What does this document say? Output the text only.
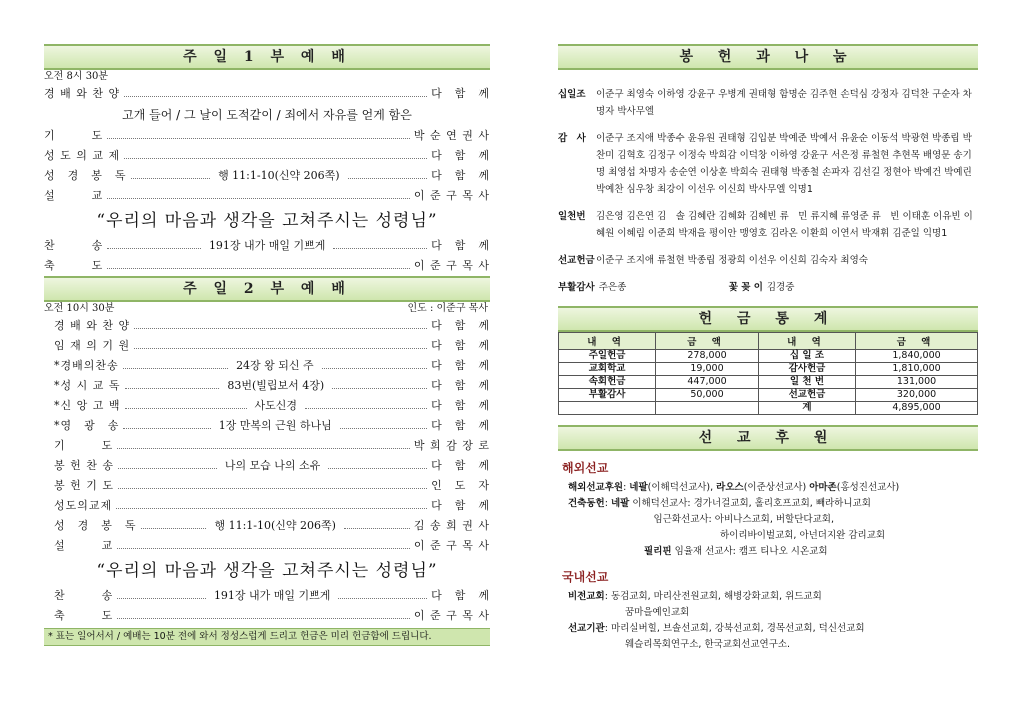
주 일 1 부 예 배
오전 8시 30분
경 배 와 찬 양	다　함　께
고개 들어 / 그 날이 도적같이 / 죄에서 자유를 얻게 함은
기　　　도	박 순 연 권 사
성 도 의 교 제	다　함　께
성　경　봉　독	행 11:1-10(신약 206쪽)	다　함　께
설　　　교	이 준 구 목 사
“우리의 마음과 생각을 고쳐주시는 성령님”
찬　　　송	191장 내가 매일 기쁘게	다　함　께
축　　　도	이 준 구 목 사
주 일 2 부 예 배
오전 10시 30분	인도 : 이준구 목사
경 배 와 찬 양	다　함　께
임 재 의 기 원	다　함　께
*경배의찬송	24장 왕 되신 주	다　함　께
*성 시 교 독	83번(빌립보서 4장)	다　함　께
*신 앙 고 백	사도신경	다　함　께
*영　광　송	1장 만복의 근원 하나님	다　함　께
기　　　도	박 희 감 장 로
봉 헌 찬 송	나의 모습 나의 소유	다　함　께
봉 헌 기 도	인　도　자
성도의교제	다　함　께
성　경　봉　독	행 11:1-10(신약 206쪽)	김 송 희 권 사
설　　　교	이 준 구 목 사
“우리의 마음과 생각을 고쳐주시는 성령님”
찬　　　송	191장 내가 매일 기쁘게	다　함　께
축　　　도	이 준 구 목 사
* 표는 일어서서 / 예배는 10분 전에 와서 정성스럽게 드리고 헌금은 미리 헌금함에 드립니다.
봉 헌 과 나 눔
십일조	이준구 최영숙 이하영 강윤구 우병계 권태형 함명순 김주현 손덕심 강정자 김덕찬 구순자 차명자 박사무엘
감　사	이준구 조지애 박종수 윤유원 권태형 김입분 박예준 박예서 유윤순 이동석 박광현 박종립 박찬미 김혁호 김정구 이정숙 박희감 이덕창 이하영 강윤구 서은정 류철현 추현목 배영문 송기명 최영섭 차명자 송순연 이상훈 박희숙 권태형 박종철 손파자 김선길 정현아 박예건 박예린 박예찬 심우창 최강이 이선우 이신희 박사무엘 익명1
일천번	김은영 김은연 김　솔 김혜란 김혜화 김혜빈 류　민 류지혜 류영준 류　빈 이태훈 이유빈 이혜원 이혜림 이준희 박재을 평이안 맹영호 김라온 이환희 이연서 박재휘 김준일 익명1
선교헌금 이준구 조지애 류철현 박종립 정광희 이선우 이신희 김숙자 최영숙
부활감사 주은종	꽃 꽂 이 김경중
헌 금 통 계
내 역	금 액	내 역	금 액
주일헌금	278,000	십 일 조	1,840,000
교회학교	19,000	감사헌금	1,810,000
속회헌금	447,000	일 천 번	131,000
부활감사	50,000	선교헌금	320,000
		계	4,895,000
선 교 후 원
해외선교
해외선교후원: 네팔(이해덕선교사), 라오스(이준상선교사) 아마존(홍성진선교사)
건축동헌: 네팔 이해덕선교사: 경가너걸교회, 홀리호프교회, 빼라하니교회
　　　　　　　　　임근화선교사: 아비나스교회, 버할단다교회,
　　　　　　　　　　　　　　　　하이리바이벌교회, 아넌더지완 감리교회
　　　　　　　　필리핀 임율재 선교사: 캠프 티나오 시온교회
국내선교
비전교회: 동검교회, 마리산전원교회, 해병강화교회, 위드교회
　　　　　　꿈마을예인교회
선교기관: 마리실버힐, 브솔선교회, 강북선교회, 경목선교회, 덕신선교회
　　　　　　웨슬리목회연구소, 한국교회선교연구소.
